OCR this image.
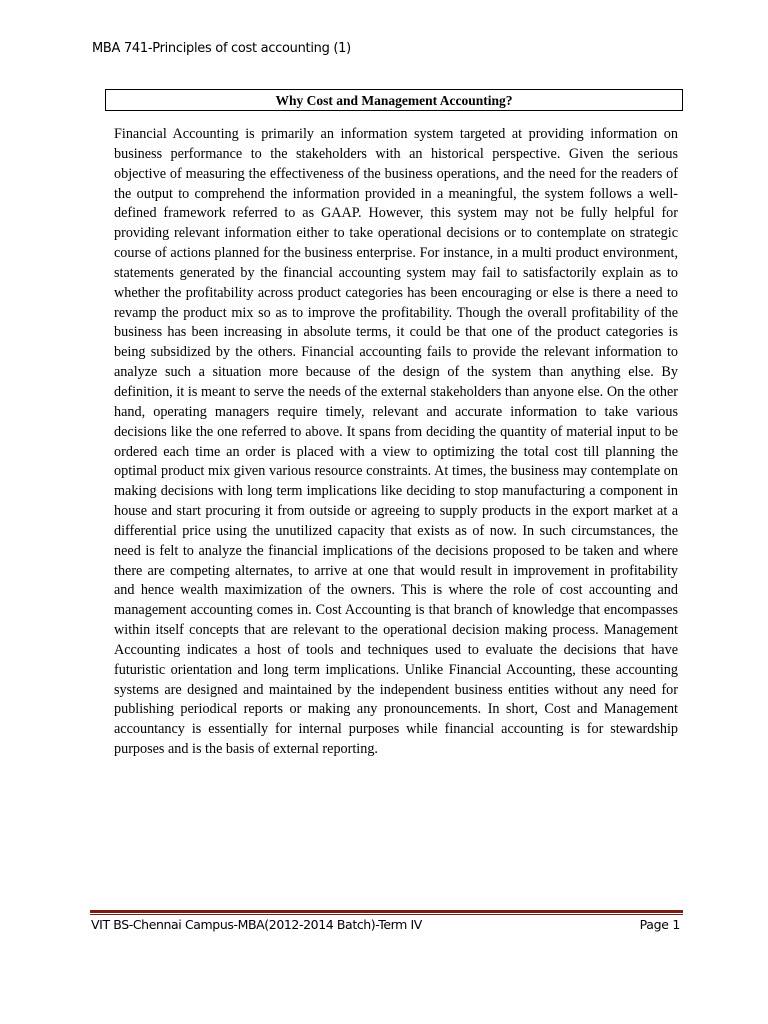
MBA 741-Principles of cost accounting (1)
Why Cost and Management Accounting?

Financial Accounting is primarily an information system targeted at providing information on business performance to the stakeholders with an historical perspective. Given the serious objective of measuring the effectiveness of the business operations, and the need for the readers of the output to comprehend the information provided in a meaningful, the system follows a well-defined framework referred to as GAAP. However, this system may not be fully helpful for providing relevant information either to take operational decisions or to contemplate on strategic course of actions planned for the business enterprise. For instance, in a multi product environment, statements generated by the financial accounting system may fail to satisfactorily explain as to whether the profitability across product categories has been encouraging or else is there a need to revamp the product mix so as to improve the profitability. Though the overall profitability of the business has been increasing in absolute terms, it could be that one of the product categories is being subsidized by the others. Financial accounting fails to provide the relevant information to analyze such a situation more because of the design of the system than anything else. By definition, it is meant to serve the needs of the external stakeholders than anyone else. On the other hand, operating managers require timely, relevant and accurate information to take various decisions like the one referred to above. It spans from deciding the quantity of material input to be ordered each time an order is placed with a view to optimizing the total cost till planning the optimal product mix given various resource constraints. At times, the business may contemplate on making decisions with long term implications like deciding to stop manufacturing a component in house and start procuring it from outside or agreeing to supply products in the export market at a differential price using the unutilized capacity that exists as of now. In such circumstances, the need is felt to analyze the financial implications of the decisions proposed to be taken and where there are competing alternates, to arrive at one that would result in improvement in profitability and hence wealth maximization of the owners. This is where the role of cost accounting and management accounting comes in. Cost Accounting is that branch of knowledge that encompasses within itself concepts that are relevant to the operational decision making process. Management Accounting indicates a host of tools and techniques used to evaluate the decisions that have futuristic orientation and long term implications. Unlike Financial Accounting, these accounting systems are designed and maintained by the independent business entities without any need for publishing periodical reports or making any pronouncements. In short, Cost and Management accountancy is essentially for internal purposes while financial accounting is for stewardship purposes and is the basis of external reporting.

VIT BS-Chennai Campus-MBA(2012-2014 Batch)-Term IV	Page 1
